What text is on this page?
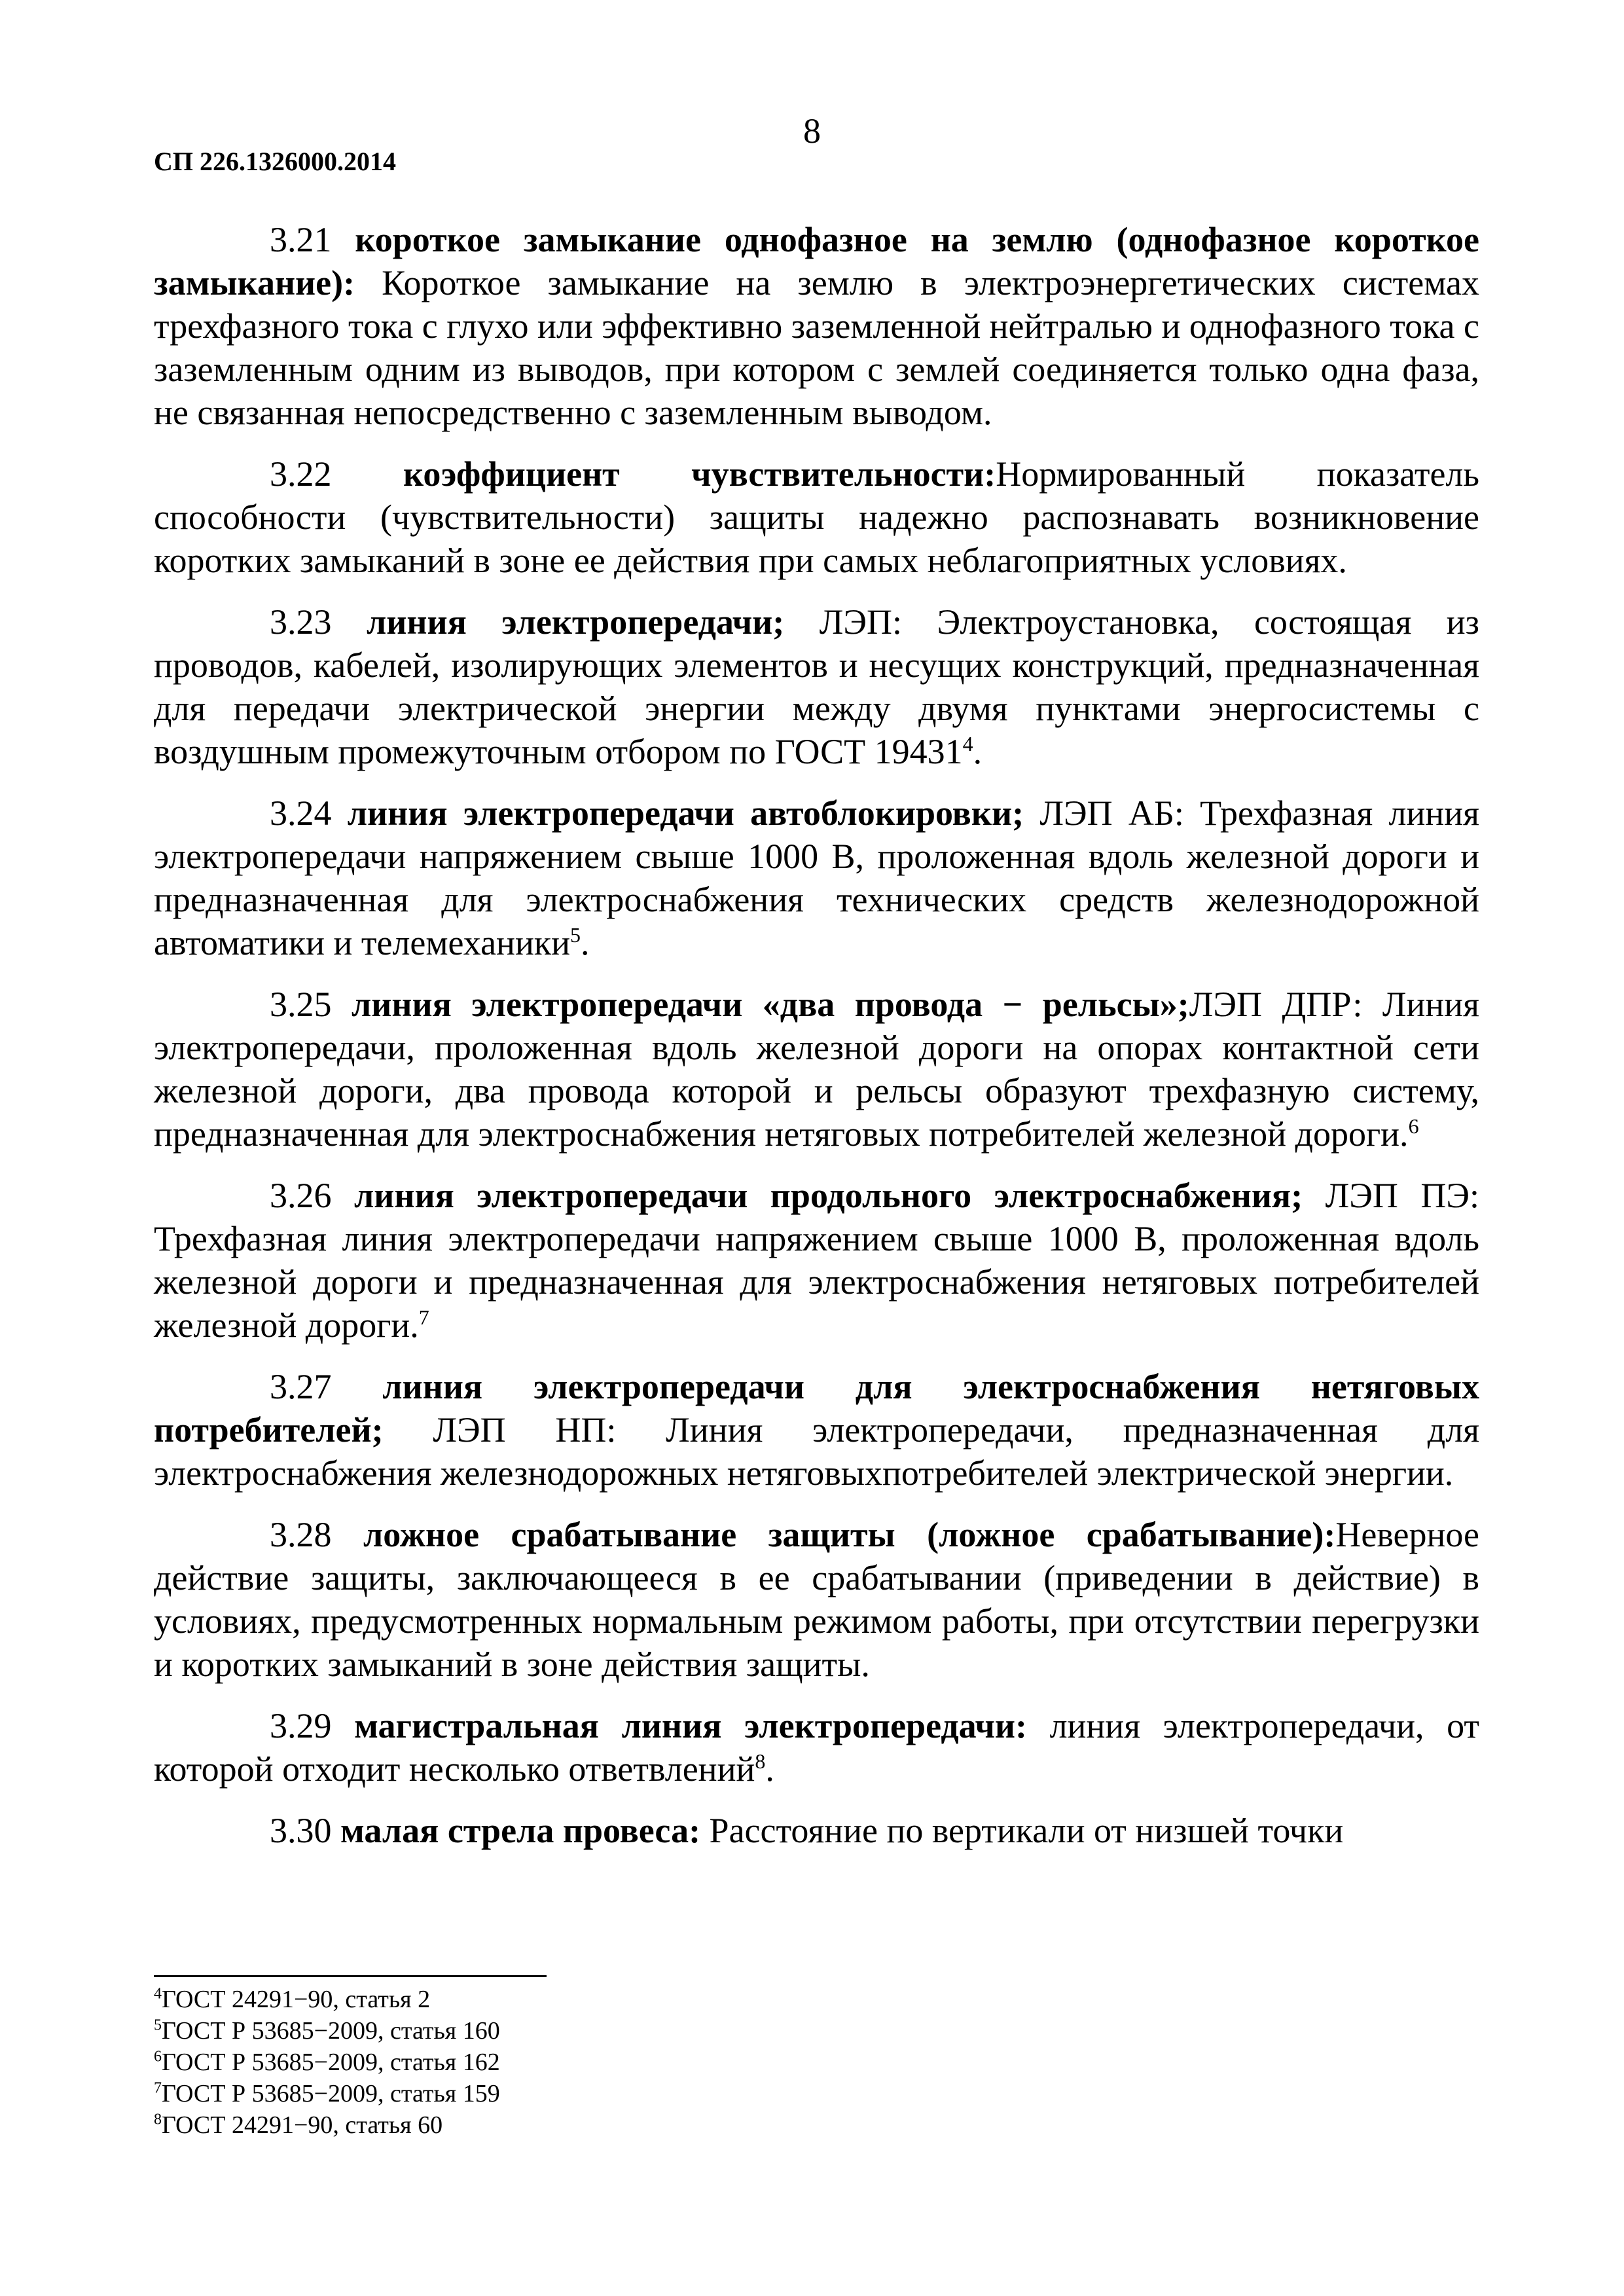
8
СП 226.1326000.2014

3.21 короткое замыкание однофазное на землю (однофазное короткое замыкание): Короткое замыкание на землю в электроэнергетических системах трехфазного тока с глухо или эффективно заземленной нейтралью и однофазного тока с заземленным одним из выводов, при котором с землей соединяется только одна фаза, не связанная непосредственно с заземленным выводом.

3.22 коэффициент чувствительности:Нормированный показатель способности (чувствительности) защиты надежно распознавать возникновение коротких замыканий в зоне ее действия при самых неблагоприятных условиях.

3.23 линия электропередачи; ЛЭП: Электроустановка, состоящая из проводов, кабелей, изолирующих элементов и несущих конструкций, предназначенная для передачи электрической энергии между двумя пунктами энергосистемы с воздушным промежуточным отбором по ГОСТ 19431$^4$.

3.24 линия электропередачи автоблокировки; ЛЭП АБ: Трехфазная линия электропередачи напряжением свыше 1000 В, проложенная вдоль железной дороги и предназначенная для электроснабжения технических средств железнодорожной автоматики и телемеханики$^5$.

3.25 линия электропередачи «два провода − рельсы»;ЛЭП ДПР: Линия электропередачи, проложенная вдоль железной дороги на опорах контактной сети железной дороги, два провода которой и рельсы образуют трехфазную систему, предназначенная для электроснабжения нетяговых потребителей железной дороги.$^6$

3.26 линия электропередачи продольного электроснабжения; ЛЭП ПЭ: Трехфазная линия электропередачи напряжением свыше 1000 В, проложенная вдоль железной дороги и предназначенная для электроснабжения нетяговых потребителей железной дороги.$^7$

3.27 линия электропередачи для электроснабжения нетяговых потребителей; ЛЭП НП: Линия электропередачи, предназначенная для электроснабжения железнодорожных нетяговыхпотребителей электрической энергии.

3.28 ложное срабатывание защиты (ложное срабатывание):Неверное действие защиты, заключающееся в ее срабатывании (приведении в действие) в условиях, предусмотренных нормальным режимом работы, при отсутствии перегрузки и коротких замыканий в зоне действия защиты.

3.29 магистральная линия электропередачи: линия электропередачи, от которой отходит несколько ответвлений$^8$.

3.30 малая стрела провеса: Расстояние по вертикали от низшей точки

$^4$ГОСТ 24291−90, статья 2

$^5$ГОСТ Р 53685−2009, статья 160

$^6$ГОСТ Р 53685−2009, статья 162

$^7$ГОСТ Р 53685−2009, статья 159

$^8$ГОСТ 24291−90, статья 60
